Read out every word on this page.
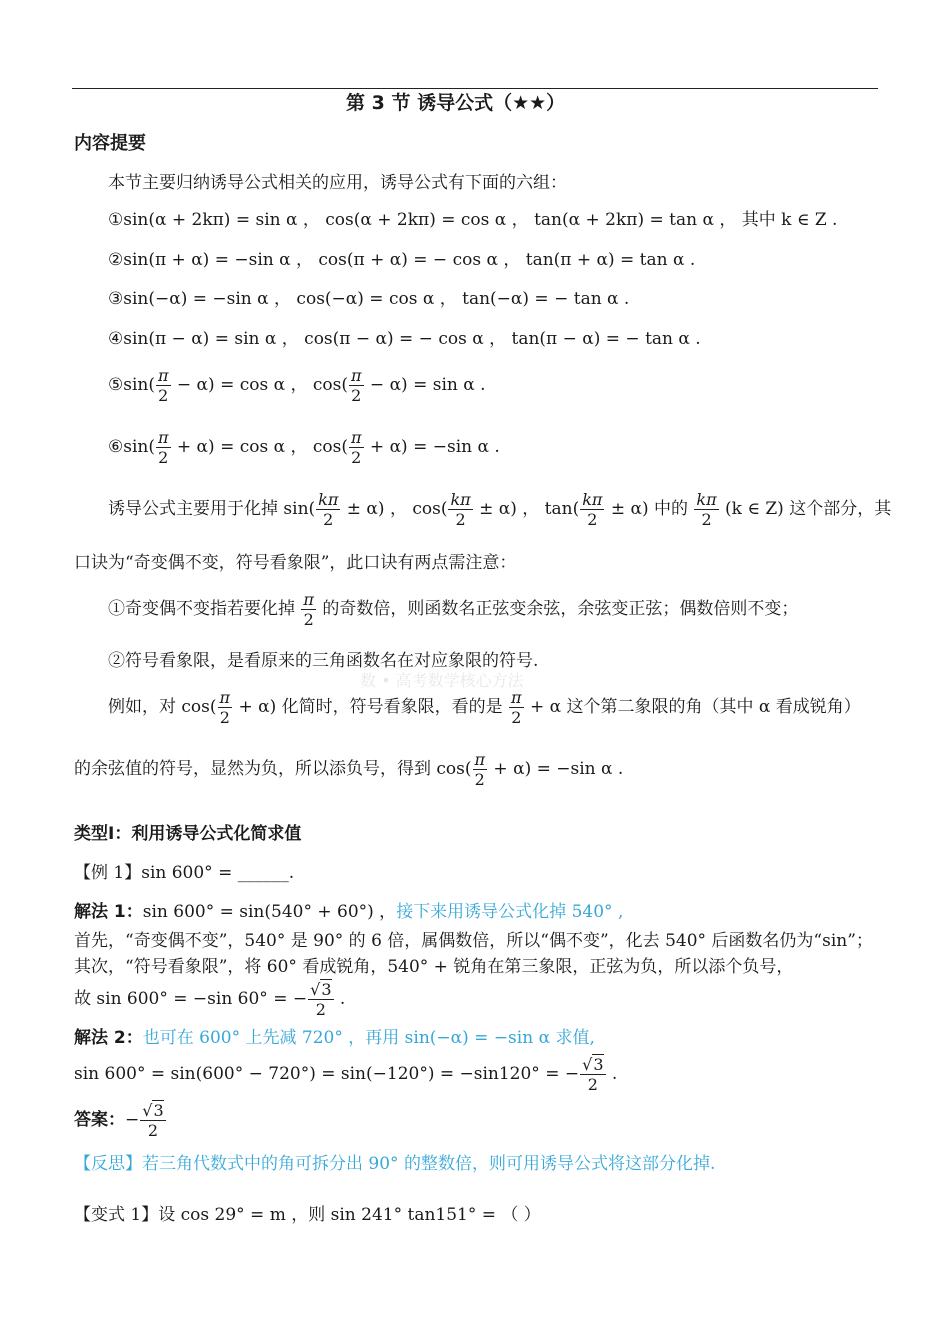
第 3 节 诱导公式（★★）
内容提要
本节主要归纳诱导公式相关的应用，诱导公式有下面的六组：
①sin(α + 2kπ) = sin α ， cos(α + 2kπ) = cos α ， tan(α + 2kπ) = tan α ， 其中 k ∈ Z .
②sin(π + α) = −sin α ， cos(π + α) = − cos α ， tan(π + α) = tan α .
③sin(−α) = −sin α ， cos(−α) = cos α ， tan(−α) = − tan α .
④sin(π − α) = sin α ， cos(π − α) = − cos α ， tan(π − α) = − tan α .
⑤sin( $\frac{\pi}{2} - \alpha) = \cos \alpha$ ， $\cos( \frac{\pi}{2} - \alpha) = \sin \alpha$ .
⑥sin( $\frac{\pi}{2} + \alpha) = \cos \alpha$ ， $\cos( \frac{\pi}{2} + \alpha) = -\sin$ α .
诱导公式主要用于化掉 $\sin( \frac{k\pi}{2} \pm \alpha)$ ， $\cos( \frac{k\pi}{2} \pm \alpha)$ ， $\tan( \frac{k\pi}{2} \pm \alpha)$ 中的 $\frac{k\pi}{2} (k$ ∈ Z) 这个部分，其
口诀为“奇变偶不变，符号看象限”，此口诀有两点需注意：
①奇变偶不变指若要化掉 $\frac{\pi}{2}$ 的奇数倍，则函数名正弦变余弦，余弦变正弦；偶数倍则不变；
②符号看象限，是看原来的三角函数名在对应象限的符号.
数 • 高考数学核心方法
例如，对 $\cos( \frac{\pi}{2} + \alpha)$ 化简时，符号看象限，看的是 $\frac{\pi}{2} + \alpha$ 这个第二象限的角（其中 α 看成锐角）
的余弦值的符号，显然为负，所以添负号，得到 $\cos( \frac{\pi}{2} + \alpha) = -\sin$ α .
类型Ⅰ：利用诱导公式化简求值
【例 1】sin 600° = ______.
解法 1：sin 600° = sin(540° + 60°) ，接下来用诱导公式化掉 540° ,
首先，“奇变偶不变”，540° 是 90° 的 6 倍，属偶数倍，所以“偶不变”，化去 540° 后函数名仍为“sin”；
其次，“符号看象限”，将 60° 看成锐角，540° + 锐角在第三象限，正弦为负，所以添个负号，
故 sin 600° = −sin 60° = − $\frac{√3}{2}$ .
解法 2：也可在 600° 上先减 720° ，再用 sin(−α) = −sin α 求值,
sin 600° = sin(600° − 720°) = sin(−120°) = −sin120° = − $\frac{√3}{2}$ .
答案：− $\frac{√3}{2}$
【反思】若三角代数式中的角可拆分出 90° 的整数倍，则可用诱导公式将这部分化掉.
【变式 1】设 cos 29° = m ，则 sin 241° tan151° = （ ）
